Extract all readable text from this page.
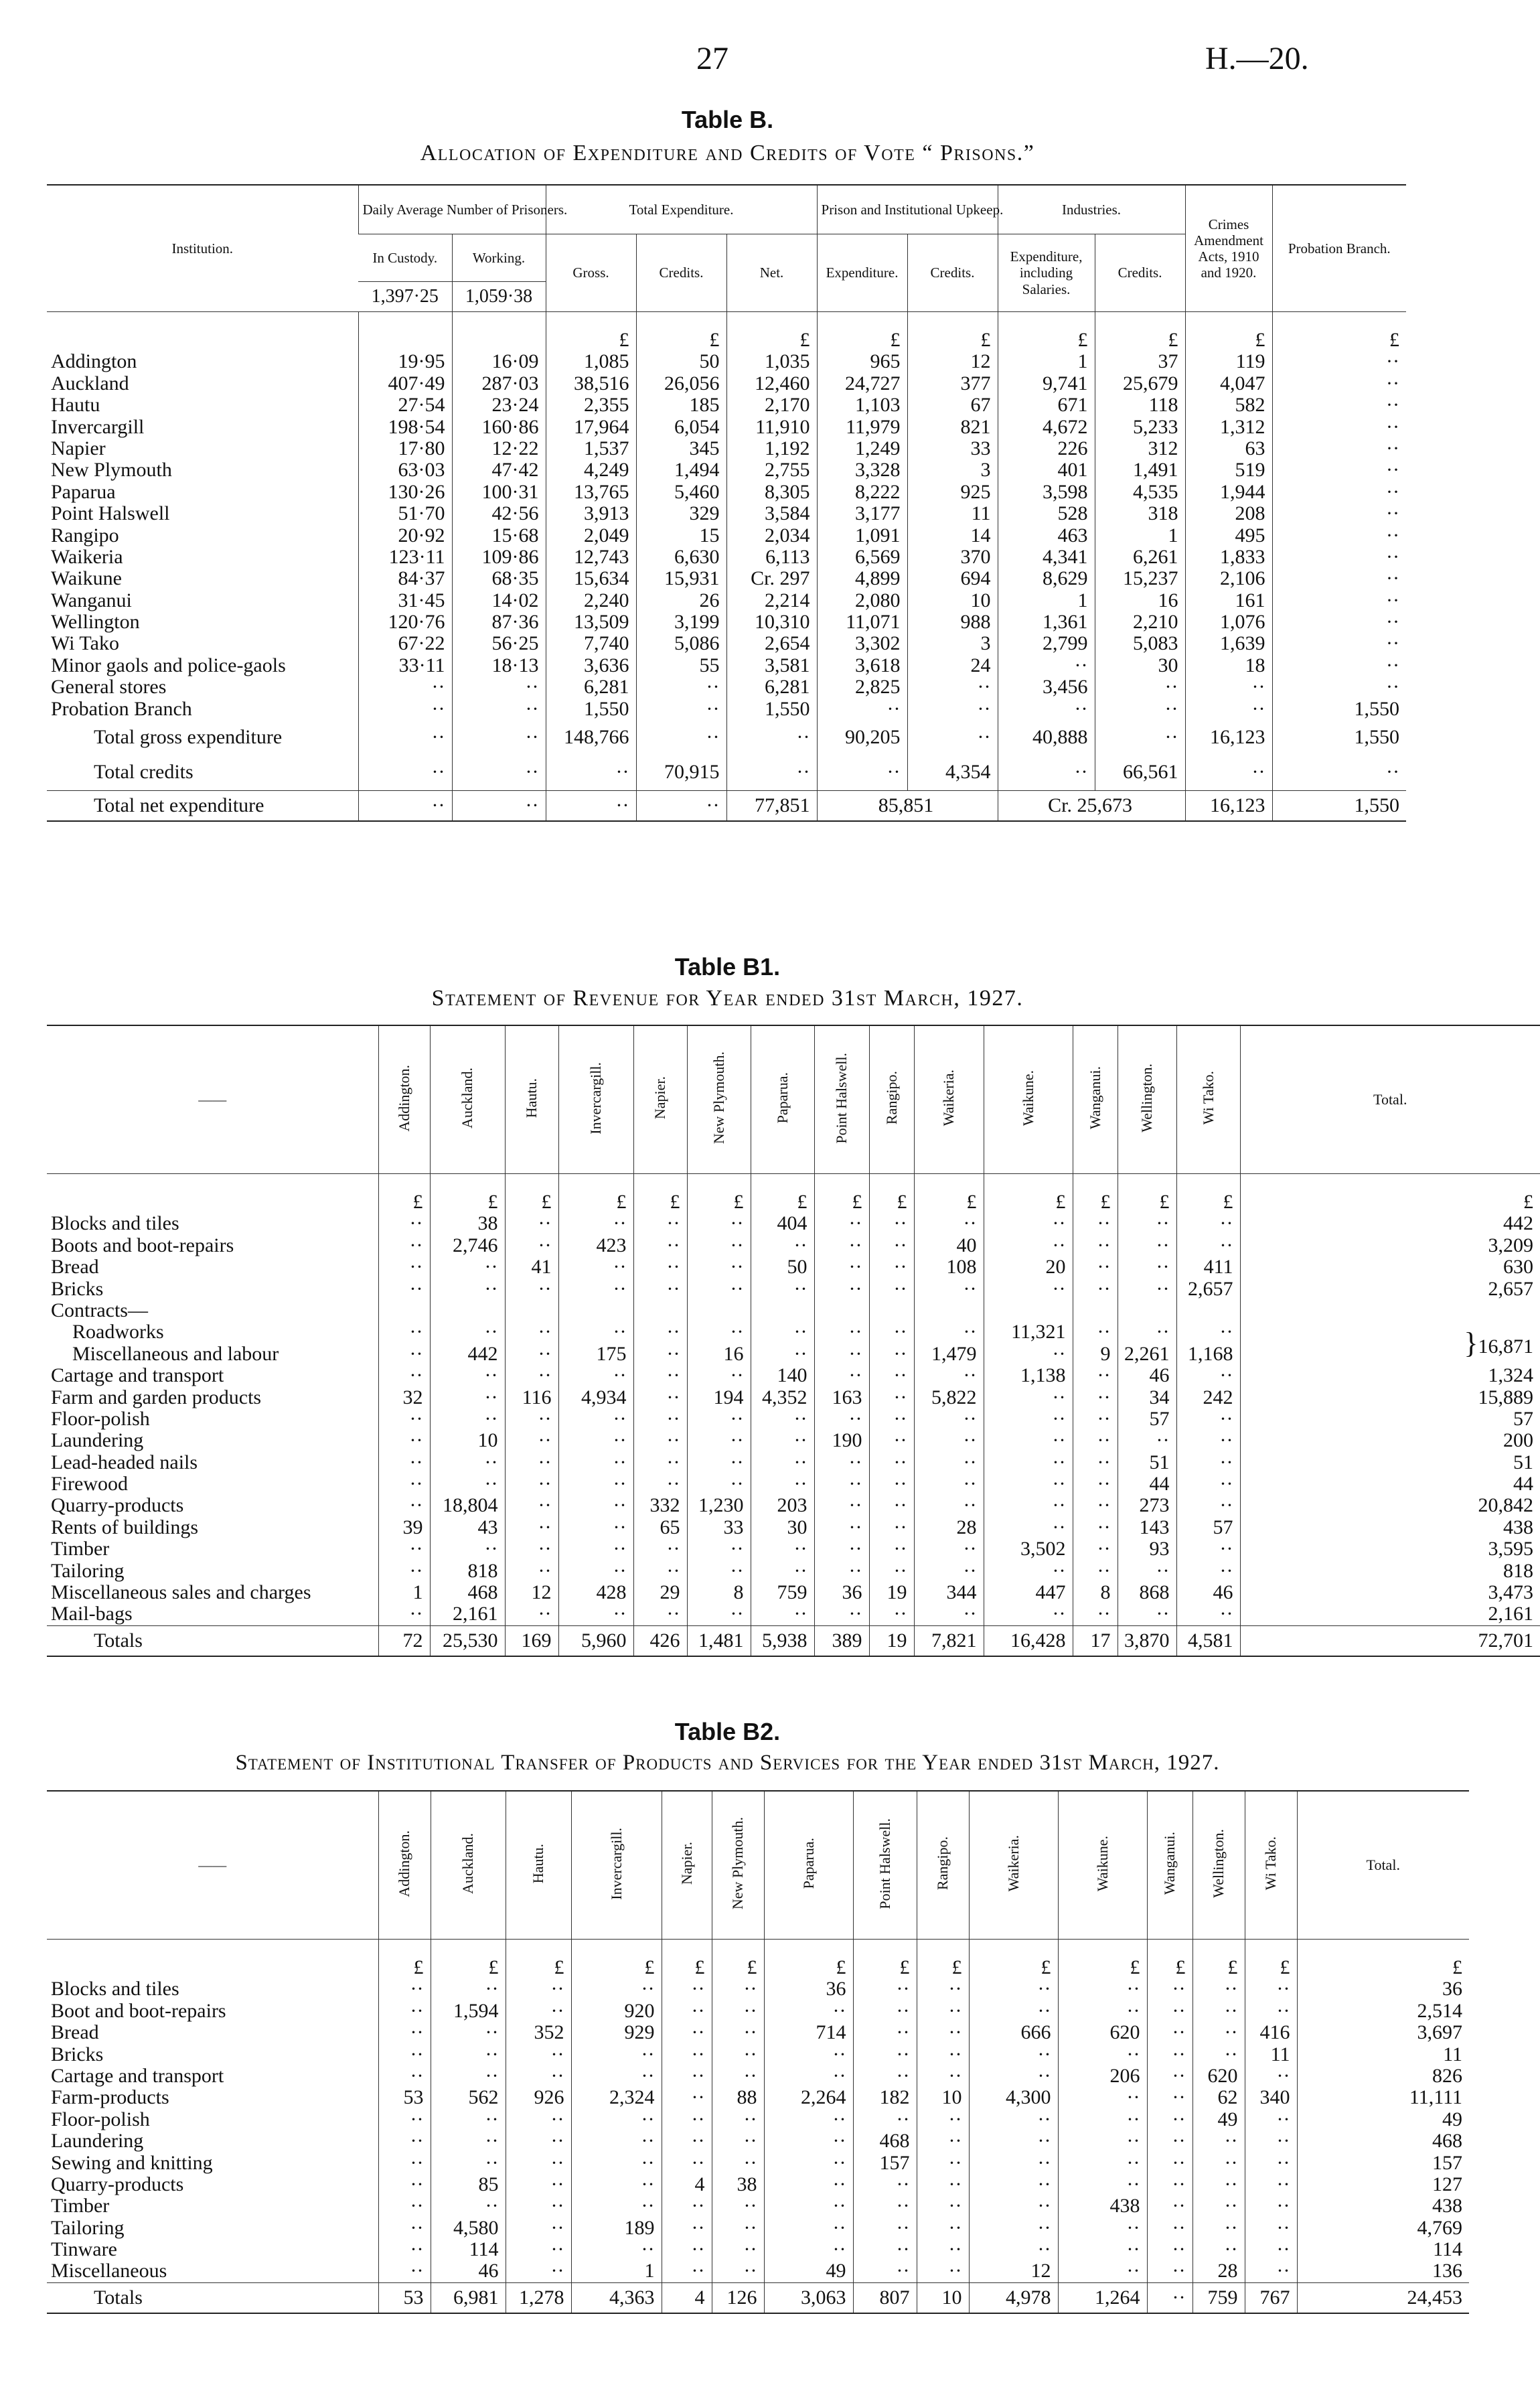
27	H.—20.
Table B.
Allocation of Expenditure and Credits of Vote “ Prisons.”
Institution.	Daily Average Number of Prisoners.		Total Expenditure.			Prison and Institutional Upkeep.		Industries.		Crimes Amendment Acts, 1910 and 1920.	Probation Branch.
	In Custody.	Working.	Gross.	Credits.	Net.	Expenditure.	Credits.	Expenditure, including Salaries.	Credits.		
	1,397·25	1,059·38									
			£	£	£	£	£	£	£	£	£
Addington	19·95	16·09	1,085	50	1,035	965	12	1	37	119	··
Auckland	407·49	287·03	38,516	26,056	12,460	24,727	377	9,741	25,679	4,047	··
Hautu	27·54	23·24	2,355	185	2,170	1,103	67	671	118	582	··
Invercargill	198·54	160·86	17,964	6,054	11,910	11,979	821	4,672	5,233	1,312	··
Napier	17·80	12·22	1,537	345	1,192	1,249	33	226	312	63	··
New Plymouth	63·03	47·42	4,249	1,494	2,755	3,328	3	401	1,491	519	··
Paparua	130·26	100·31	13,765	5,460	8,305	8,222	925	3,598	4,535	1,944	··
Point Halswell	51·70	42·56	3,913	329	3,584	3,177	11	528	318	208	··
Rangipo	20·92	15·68	2,049	15	2,034	1,091	14	463	1	495	··
Waikeria	123·11	109·86	12,743	6,630	6,113	6,569	370	4,341	6,261	1,833	··
Waikune	84·37	68·35	15,634	15,931	Cr. 297	4,899	694	8,629	15,237	2,106	··
Wanganui	31·45	14·02	2,240	26	2,214	2,080	10	1	16	161	··
Wellington	120·76	87·36	13,509	3,199	10,310	11,071	988	1,361	2,210	1,076	··
Wi Tako	67·22	56·25	7,740	5,086	2,654	3,302	3	2,799	5,083	1,639	··
Minor gaols and police-gaols	33·11	18·13	3,636	55	3,581	3,618	24	··	30	18	··
General stores	··	··	6,281	··	6,281	2,825	··	3,456	··	··	··
Probation Branch	··	··	1,550	··	1,550	··	··	··	··	··	1,550
Total gross expenditure	··	··	148,766	··	··	90,205	··	40,888	··	16,123	1,550
Total credits	··	··	··	70,915	··	··	4,354	··	66,561	··	··
Total net expenditure	··	··	··	··	77,851	85,851		Cr. 25,673		16,123	1,550
Table B1.
Statement of Revenue for Year ended 31st March, 1927.
——	Addington.	Auckland.	Hautu.	Invercargill.	Napier.	New Plymouth.	Paparua.	Point Halswell.	Rangipo.	Waikeria.	Waikune.	Wanganui.	Wellington.	Wi Tako.	Total.
	£	£	£	£	£	£	£	£	£	£	£	£	£	£	£
Blocks and tiles	··	38	··	··	··	··	404	··	··	··	··	··	··	··	442
Boots and boot-repairs	··	2,746	··	423	··	··	··	··	··	40	··	··	··	··	3,209
Bread	··	··	41	··	··	··	50	··	··	108	20	··	··	411	630
Bricks	··	··	··	··	··	··	··	··	··	··	··	··	··	2,657	2,657
Contracts—															
Roadworks	··	··	··	··	··	··	··	··	··	··	11,321	··	··	··	}16,871
Miscellaneous and labour	··	442	··	175	··	16	··	··	··	1,479	··	9	2,261	1,168	
Cartage and transport	··	··	··	··	··	··	140	··	··	··	1,138	··	46	··	1,324
Farm and garden products	32	··	116	4,934	··	194	4,352	163	··	5,822	··	··	34	242	15,889
Floor-polish	··	··	··	··	··	··	··	··	··	··	··	··	57	··	57
Laundering	··	10	··	··	··	··	··	190	··	··	··	··	··	··	200
Lead-headed nails	··	··	··	··	··	··	··	··	··	··	··	··	51	··	51
Firewood	··	··	··	··	··	··	··	··	··	··	··	··	44	··	44
Quarry-products	··	18,804	··	··	332	1,230	203	··	··	··	··	··	273	··	20,842
Rents of buildings	39	43	··	··	65	33	30	··	··	28	··	··	143	57	438
Timber	··	··	··	··	··	··	··	··	··	··	3,502	··	93	··	3,595
Tailoring	··	818	··	··	··	··	··	··	··	··	··	··	··	··	818
Miscellaneous sales and charges	1	468	12	428	29	8	759	36	19	344	447	8	868	46	3,473
Mail-bags	··	2,161	··	··	··	··	··	··	··	··	··	··	··	··	2,161
Totals	72	25,530	169	5,960	426	1,481	5,938	389	19	7,821	16,428	17	3,870	4,581	72,701
Table B2.
Statement of Institutional Transfer of Products and Services for the Year ended 31st March, 1927.
——	Addington.	Auckland.	Hautu.	Invercargill.	Napier.	New Plymouth.	Paparua.	Point Halswell.	Rangipo.	Waikeria.	Waikune.	Wanganui.	Wellington.	Wi Tako.	Total.
	£	£	£	£	£	£	£	£	£	£	£	£	£	£	£
Blocks and tiles	··	··	··	··	··	··	36	··	··	··	··	··	··	··	36
Boot and boot-repairs	··	1,594	··	920	··	··	··	··	··	··	··	··	··	··	2,514
Bread	··	··	352	929	··	··	714	··	··	666	620	··	··	416	3,697
Bricks	··	··	··	··	··	··	··	··	··	··	··	··	··	11	11
Cartage and transport	··	··	··	··	··	··	··	··	··	··	206	··	620	··	826
Farm-products	53	562	926	2,324	··	88	2,264	182	10	4,300	··	··	62	340	11,111
Floor-polish	··	··	··	··	··	··	··	··	··	··	··	··	49	··	49
Laundering	··	··	··	··	··	··	··	468	··	··	··	··	··	··	468
Sewing and knitting	··	··	··	··	··	··	··	157	··	··	··	··	··	··	157
Quarry-products	··	85	··	··	4	38	··	··	··	··	··	··	··	··	127
Timber	··	··	··	··	··	··	··	··	··	··	438	··	··	··	438
Tailoring	··	4,580	··	189	··	··	··	··	··	··	··	··	··	··	4,769
Tinware	··	114	··	··	··	··	··	··	··	··	··	··	··	··	114
Miscellaneous	··	46	··	1	··	··	49	··	··	12	··	··	28	··	136
Totals	53	6,981	1,278	4,363	4	126	3,063	807	10	4,978	1,264	··	759	767	24,453
